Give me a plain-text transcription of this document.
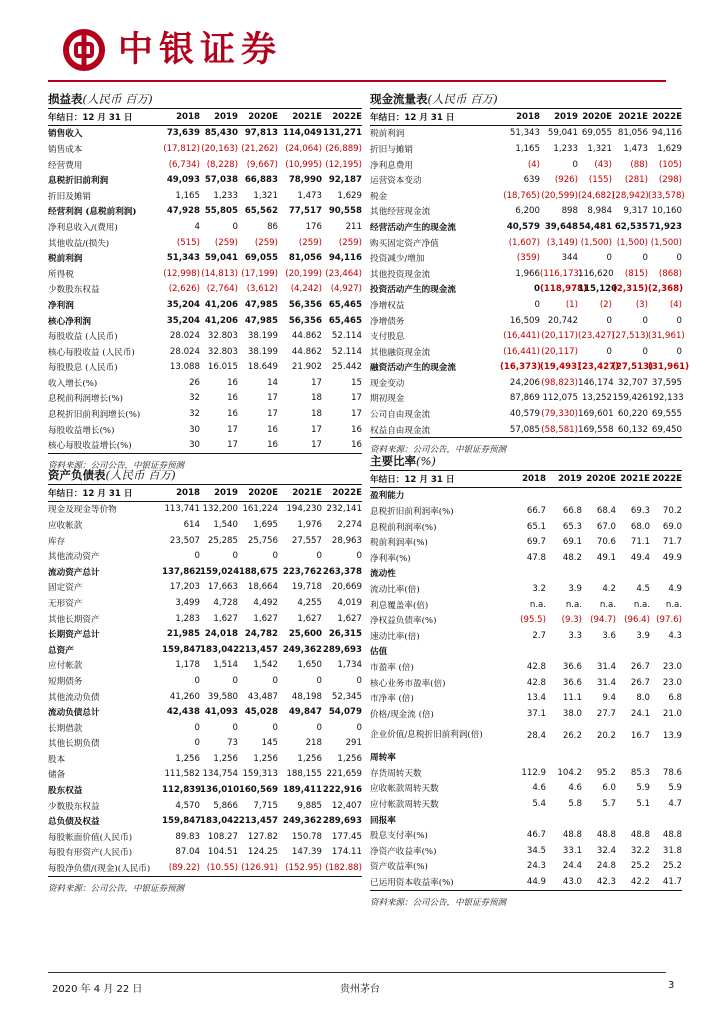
中银证券
损益表(人民币 百万)
年结日：12 月 31 日	2018	2019	2020E	2021E	2022E
销售收入	73,639	85,430	97,813	114,049	131,271
销售成本	(17,812)	(20,163)	(21,262)	(24,064)	(26,889)
经营费用	(6,734)	(8,228)	(9,667)	(10,995)	(12,195)
息税折旧前利润	49,093	57,038	66,883	78,990	92,187
折旧及摊销	1,165	1,233	1,321	1,473	1,629
经营利润 (息税前利润)	47,928	55,805	65,562	77,517	90,558
净利息收入/(费用)	4	0	86	176	211
其他收益/(损失)	(515)	(259)	(259)	(259)	(259)
税前利润	51,343	59,041	69,055	81,056	94,116
所得税	(12,998)	(14,813)	(17,199)	(20,199)	(23,464)
少数股东权益	(2,626)	(2,764)	(3,612)	(4,242)	(4,927)
净利润	35,204	41,206	47,985	56,356	65,465
核心净利润	35,204	41,206	47,985	56,356	65,465
每股收益 (人民币)	28.024	32.803	38.199	44.862	52.114
核心每股收益 (人民币)	28.024	32.803	38.199	44.862	52.114
每股股息 (人民币)	13.088	16.015	18.649	21.902	25.442
收入增长(%)	26	16	14	17	15
息税前利润增长(%)	32	16	17	18	17
息税折旧前利润增长(%)	32	16	17	18	17
每股收益增长(%)	30	17	16	17	16
核心每股收益增长(%)	30	17	16	17	16
资料来源：公司公告，中银证券预测
现金流量表(人民币 百万)
年结日：12 月 31 日	2018	2019	2020E	2021E	2022E
税前利润	51,343	59,041	69,055	81,056	94,116
折旧与摊销	1,165	1,233	1,321	1,473	1,629
净利息费用	(4)	0	(43)	(88)	(105)
运营资本变动	639	(926)	(155)	(281)	(298)
税金	(18,765)	(20,599)	(24,682)	(28,942)	(33,578)
其他经营现金流	6,200	898	8,984	9,317	10,160
经营活动产生的现金流	40,579	39,648	54,481	62,535	71,923
购买固定资产净值	(1,607)	(3,149)	(1,500)	(1,500)	(1,500)
投资减少/增加	(359)	344	0	0	0
其他投资现金流	1,966	(116,173)	116,620	(815)	(868)
投资活动产生的现金流	0	(118,978)	115,120	(2,315)	(2,368)
净增权益	0	(1)	(2)	(3)	(4)
净增债务	16,509	20,742	0	0	0
支付股息	(16,441)	(20,117)	(23,427)	(27,513)	(31,961)
其他融资现金流	(16,441)	(20,117)	0	0	0
融资活动产生的现金流	(16,373)	(19,493)	(23,427)	(27,513)	(31,961)
现金变动	24,206	(98,823)	146,174	32,707	37,595
期初现金	87,869	112,075	13,252	159,426	192,133
公司自由现金流	40,579	(79,330)	169,601	60,220	69,555
权益自由现金流	57,085	(58,581)	169,558	60,132	69,450
资料来源：公司公告，中银证券预测
资产负债表(人民币 百万)
年结日：12 月 31 日	2018	2019	2020E	2021E	2022E
现金及现金等价物	113,741	132,200	161,224	194,230	232,141
应收帐款	614	1,540	1,695	1,976	2,274
库存	23,507	25,285	25,756	27,557	28,963
其他流动资产	0	0	0	0	0
流动资产总计	137,862	159,024	188,675	223,762	263,378
固定资产	17,203	17,663	18,664	19,718	20,669
无形资产	3,499	4,728	4,492	4,255	4,019
其他长期资产	1,283	1,627	1,627	1,627	1,627
长期资产总计	21,985	24,018	24,782	25,600	26,315
总资产	159,847	183,042	213,457	249,362	289,693
应付帐款	1,178	1,514	1,542	1,650	1,734
短期债务	0	0	0	0	0
其他流动负债	41,260	39,580	43,487	48,198	52,345
流动负债总计	42,438	41,093	45,028	49,847	54,079
长期借款	0	0	0	0	0
其他长期负债	0	73	145	218	291
股本	1,256	1,256	1,256	1,256	1,256
储备	111,582	134,754	159,313	188,155	221,659
股东权益	112,839	136,010	160,569	189,411	222,916
少数股东权益	4,570	5,866	7,715	9,885	12,407
总负债及权益	159,847	183,042	213,457	249,362	289,693
每股帐面价值(人民币)	89.83	108.27	127.82	150.78	177.45
每股有形资产(人民币)	87.04	104.51	124.25	147.39	174.11
每股净负债/(现金)(人民币)	(89.22)	(10.55)	(126.91)	(152.95)	(182.88)
资料来源：公司公告，中银证券预测
主要比率(%)
年结日：12 月 31 日	2018	2019	2020E	2021E	2022E
盈利能力					
息税折旧前利润率(%)	66.7	66.8	68.4	69.3	70.2
息税前利润率(%)	65.1	65.3	67.0	68.0	69.0
税前利润率(%)	69.7	69.1	70.6	71.1	71.7
净利率(%)	47.8	48.2	49.1	49.4	49.9
流动性					
流动比率(倍)	3.2	3.9	4.2	4.5	4.9
利息覆盖率(倍)	n.a.	n.a.	n.a.	n.a.	n.a.
净权益负债率(%)	(95.5)	(9.3)	(94.7)	(96.4)	(97.6)
速动比率(倍)	2.7	3.3	3.6	3.9	4.3
估值					
市盈率 (倍)	42.8	36.6	31.4	26.7	23.0
核心业务市盈率(倍)	42.8	36.6	31.4	26.7	23.0
市净率 (倍)	13.4	11.1	9.4	8.0	6.8
价格/现金流 (倍)	37.1	38.0	27.7	24.1	21.0
企业价值/息税折旧前利润(倍)	28.4	26.2	20.2	16.7	13.9
周转率					
存货周转天数	112.9	104.2	95.2	85.3	78.6
应收帐款周转天数	4.6	4.6	6.0	5.9	5.9
应付帐款周转天数	5.4	5.8	5.7	5.1	4.7
回报率					
股息支付率(%)	46.7	48.8	48.8	48.8	48.8
净资产收益率(%)	34.5	33.1	32.4	32.2	31.8
资产收益率(%)	24.3	24.4	24.8	25.2	25.2
已运用资本收益率(%)	44.9	43.0	42.3	42.2	41.7
资料来源：公司公告，中银证券预测
2020 年 4 月 22 日	贵州茅台	3
